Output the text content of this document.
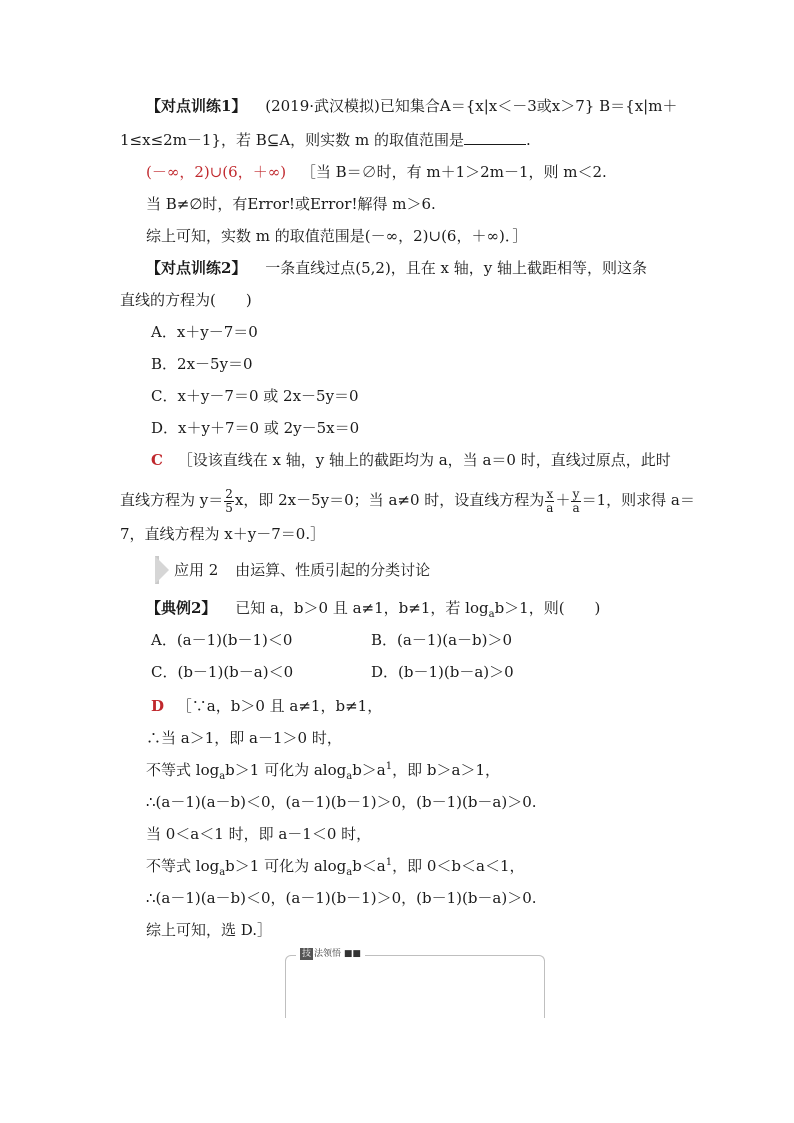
【对点训练1】 (2019·武汉模拟)已知集合A＝{x|x＜－3或x＞7} B＝{x|m＋
1≤x≤2m－1}，若 B⊆A，则实数 m 的取值范围是	.
(－∞，2)∪(6，＋∞) ［当 B＝∅时，有 m＋1＞2m－1，则 m＜2.
当 B≠∅时，有Error!或Error!解得 m＞6.
综上可知，实数 m 的取值范围是(－∞，2)∪(6，＋∞)．］
【对点训练2】 一条直线过点(5,2)，且在 x 轴，y 轴上截距相等，则这条
直线的方程为(　　)
A．x＋y－7＝0
B．2x－5y＝0
C．x＋y－7＝0 或 2x－5y＝0
D．x＋y＋7＝0 或 2y－5x＝0
C ［设该直线在 x 轴，y 轴上的截距均为 a，当 a＝0 时，直线过原点，此时
直线方程为 $y= \frac{2}{5}$ x，即 2x－5y＝0；当 a≠0 时，设直线方程为 $\frac{x}{a} + \frac{y}{a} =1$，则求得 a＝
7，直线方程为 x＋y－7＝0.］
应用 2 由运算、性质引起的分类讨论
【典例2】 已知 a，b＞0 且 a≠1，b≠1，若 $\log_ab>1$，则(　　)
A．(a－1)(b－1)＜0	B．(a－1)(a－b)＞0
C．(b－1)(b－a)＜0	D．(b－1)(b－a)＞0
D ［∵a，b＞0 且 a≠1，b≠1，
∴当 a＞1，即 a－1＞0 时，
不等式 $\log_ab>1$ 可化为 $alog_ab>a^1$，即 b＞a＞1，
∴(a－1)(a－b)＜0，(a－1)(b－1)＞0，(b－1)(b－a)＞0.
当 0＜a＜1 时，即 a－1＜0 时，
不等式 $\log_ab>1$ 可化为 $alog_ab<a^1$，即 0＜b＜a＜1，
∴(a－1)(a－b)＜0，(a－1)(b－1)＞0，(b－1)(b－a)＞0.
综上可知，选 D.］
技 法领悟 ■■
